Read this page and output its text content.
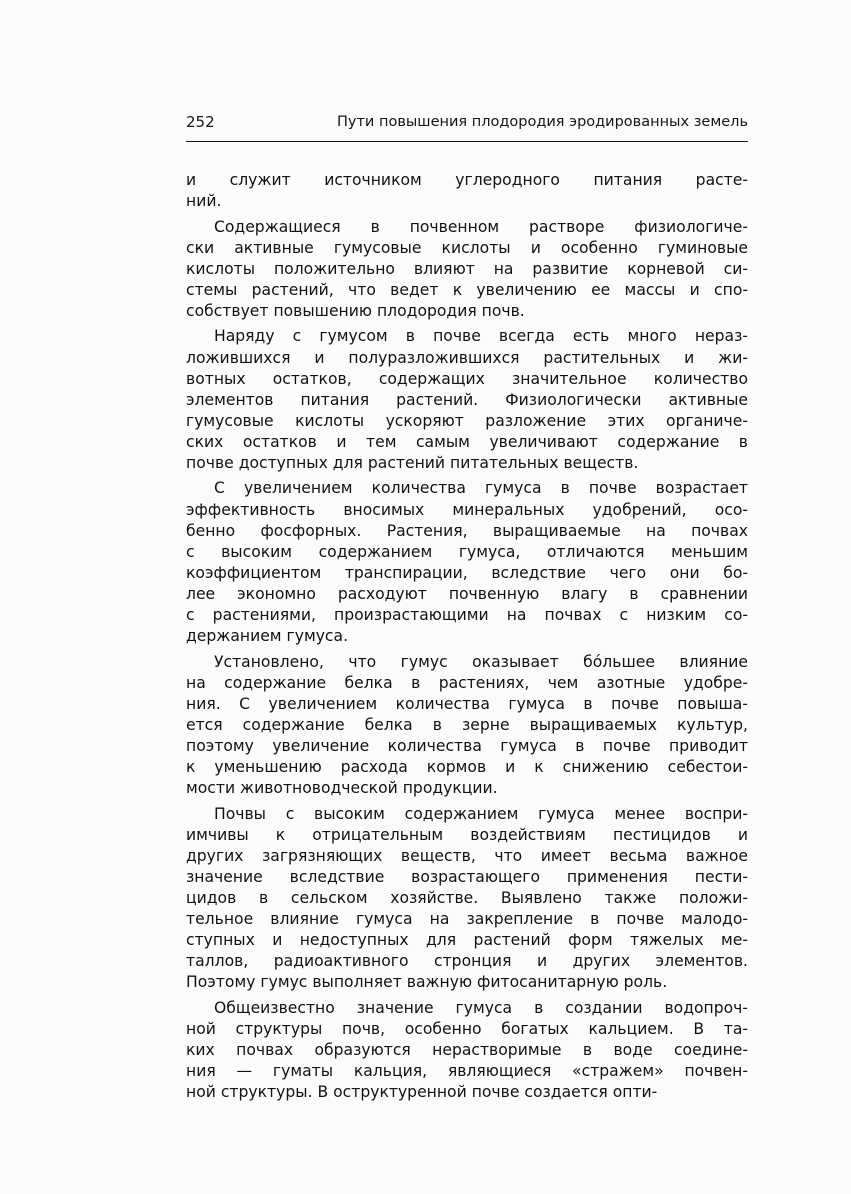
252	Пути повышения плодородия эродированных земель

и служит источником углеродного питания расте-
ний.

Содержащиеся в почвенном растворе физиологиче-
ски активные гумусовые кислоты и особенно гуминовые
кислоты положительно влияют на развитие корневой си-
стемы растений, что ведет к увеличению ее массы и спо-
собствует повышению плодородия почв.

Наряду с гумусом в почве всегда есть много нераз-
ложившихся и полуразложившихся растительных и жи-
вотных остатков, содержащих значительное количество
элементов питания растений. Физиологически активные
гумусовые кислоты ускоряют разложение этих органиче-
ских остатков и тем самым увеличивают содержание в
почве доступных для растений питательных веществ.

С увеличением количества гумуса в почве возрастает
эффективность вносимых минеральных удобрений, осо-
бенно фосфорных. Растения, выращиваемые на почвах
с высоким содержанием гумуса, отличаются меньшим
коэффициентом транспирации, вследствие чего они бо-
лее экономно расходуют почвенную влагу в сравнении
с растениями, произрастающими на почвах с низким со-
держанием гумуса.

Установлено, что гумус оказывает бóльшее влияние
на содержание белка в растениях, чем азотные удобре-
ния. С увеличением количества гумуса в почве повыша-
ется содержание белка в зерне выращиваемых культур,
поэтому увеличение количества гумуса в почве приводит
к уменьшению расхода кормов и к снижению себестои-
мости животноводческой продукции.

Почвы с высоким содержанием гумуса менее воспри-
имчивы к отрицательным воздействиям пестицидов и
других загрязняющих веществ, что имеет весьма важное
значение вследствие возрастающего применения пести-
цидов в сельском хозяйстве. Выявлено также положи-
тельное влияние гумуса на закрепление в почве малодо-
ступных и недоступных для растений форм тяжелых ме-
таллов, радиоактивного стронция и других элементов.
Поэтому гумус выполняет важную фитосанитарную роль.

Общеизвестно значение гумуса в создании водопроч-
ной структуры почв, особенно богатых кальцием. В та-
ких почвах образуются нерастворимые в воде соедине-
ния — гуматы кальция, являющиеся «стражем» почвен-
ной структуры. В оструктуренной почве создается опти-
